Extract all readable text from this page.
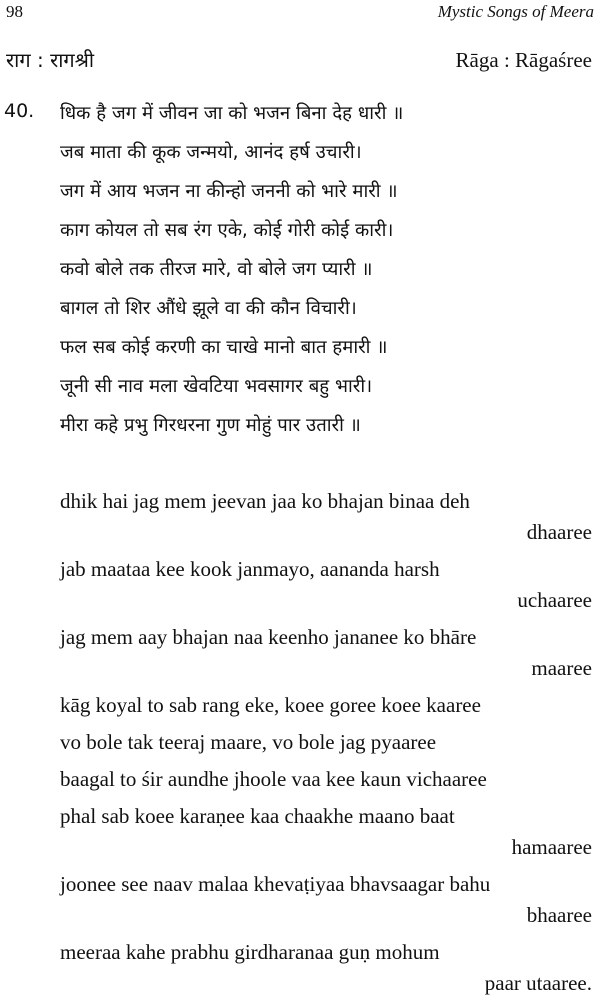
98	Mystic Songs of Meera
राग : रागश्री	Rāga : Rāgaśree
40. धिक है जग में जीवन जा को भजन बिना देह धारी ॥
जब माता की कूक जन्मयो, आनंद हर्ष उचारी।
जग में आय भजन ना कीन्हो जननी को भारे मारी ॥
काग कोयल तो सब रंग एके, कोई गोरी कोई कारी।
कवो बोले तक तीरज मारे, वो बोले जग प्यारी ॥
बागल तो शिर औंधे झूले वा की कौन विचारी।
फल सब कोई करणी का चाखे मानो बात हमारी ॥
जूनी सी नाव मला खेवटिया भवसागर बहु भारी।
मीरा कहे प्रभु गिरधरना गुण मोहुं पार उतारी ॥
dhik hai jag mem jeevan jaa ko bhajan binaa deh
dhaaree
jab maataa kee kook janmayo, aananda harsh
uchaaree
jag mem aay bhajan naa keenho jananee ko bhāre
maaree
kāg koyal to sab rang eke, koee goree koee kaaree
vo bole tak teeraj maare, vo bole jag pyaaree
baagal to śir aundhe jhoole vaa kee kaun vichaaree
phal sab koee karaṇee kaa chaakhe maano baat
hamaaree
joonee see naav malaa khevaṭiyaa bhavsaagar bahu
bhaaree
meeraa kahe prabhu girdharanaa guṇ mohum
paar utaaree.
